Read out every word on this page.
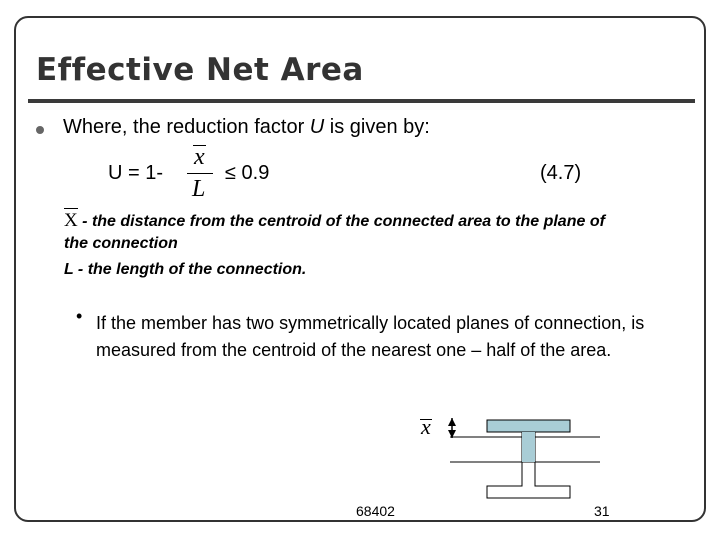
Effective Net Area
Where, the reduction factor U is given by:
U = 1-
x
L
≤ 0.9	(4.7)
X - the distance from the centroid of the connected area to the plane of
the connection
L - the length of the connection.
• If the member has two symmetrically located planes of connection, is measured from the centroid of the nearest one – half of the area.
x
68402	31
